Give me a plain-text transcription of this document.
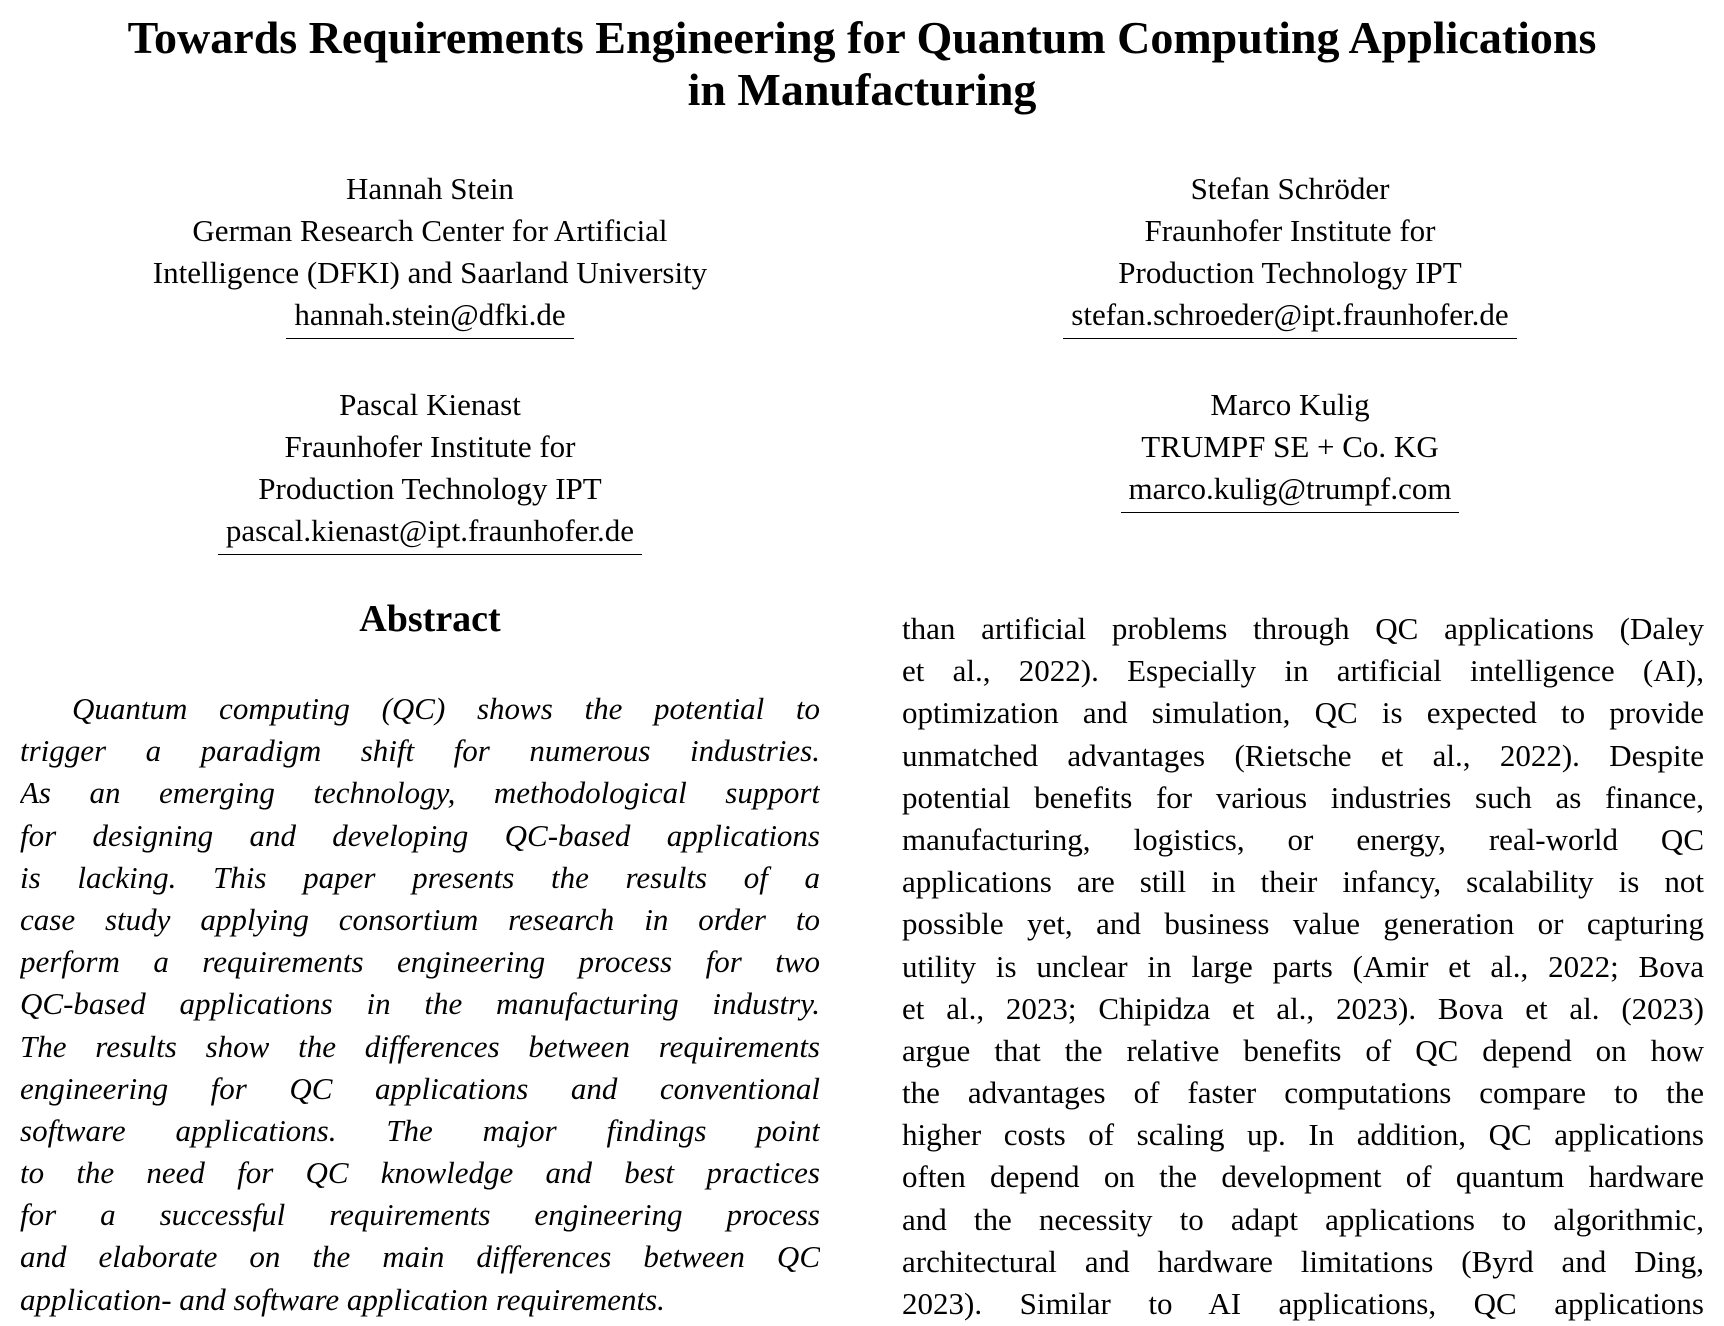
Towards Requirements Engineering for Quantum Computing Applications
in Manufacturing
Hannah Stein
German Research Center for Artificial
Intelligence (DFKI) and Saarland University
hannah.stein@dfki.de
Stefan Schröder
Fraunhofer Institute for
Production Technology IPT
stefan.schroeder@ipt.fraunhofer.de
Pascal Kienast
Fraunhofer Institute for
Production Technology IPT
pascal.kienast@ipt.fraunhofer.de
Marco Kulig
TRUMPF SE + Co. KG
marco.kulig@trumpf.com
Abstract
Quantum computing (QC) shows the potential to
trigger a paradigm shift for numerous industries.
As an emerging technology, methodological support
for designing and developing QC-based applications
is lacking. This paper presents the results of a
case study applying consortium research in order to
perform a requirements engineering process for two
QC-based applications in the manufacturing industry.
The results show the differences between requirements
engineering for QC applications and conventional
software applications. The major findings point
to the need for QC knowledge and best practices
for a successful requirements engineering process
and elaborate on the main differences between QC
application- and software application requirements.
than artificial problems through QC applications (Daley
et al., 2022). Especially in artificial intelligence (AI),
optimization and simulation, QC is expected to provide
unmatched advantages (Rietsche et al., 2022). Despite
potential benefits for various industries such as finance,
manufacturing, logistics, or energy, real-world QC
applications are still in their infancy, scalability is not
possible yet, and business value generation or capturing
utility is unclear in large parts (Amir et al., 2022; Bova
et al., 2023; Chipidza et al., 2023). Bova et al. (2023)
argue that the relative benefits of QC depend on how
the advantages of faster computations compare to the
higher costs of scaling up. In addition, QC applications
often depend on the development of quantum hardware
and the necessity to adapt applications to algorithmic,
architectural and hardware limitations (Byrd and Ding,
2023). Similar to AI applications, QC applications
